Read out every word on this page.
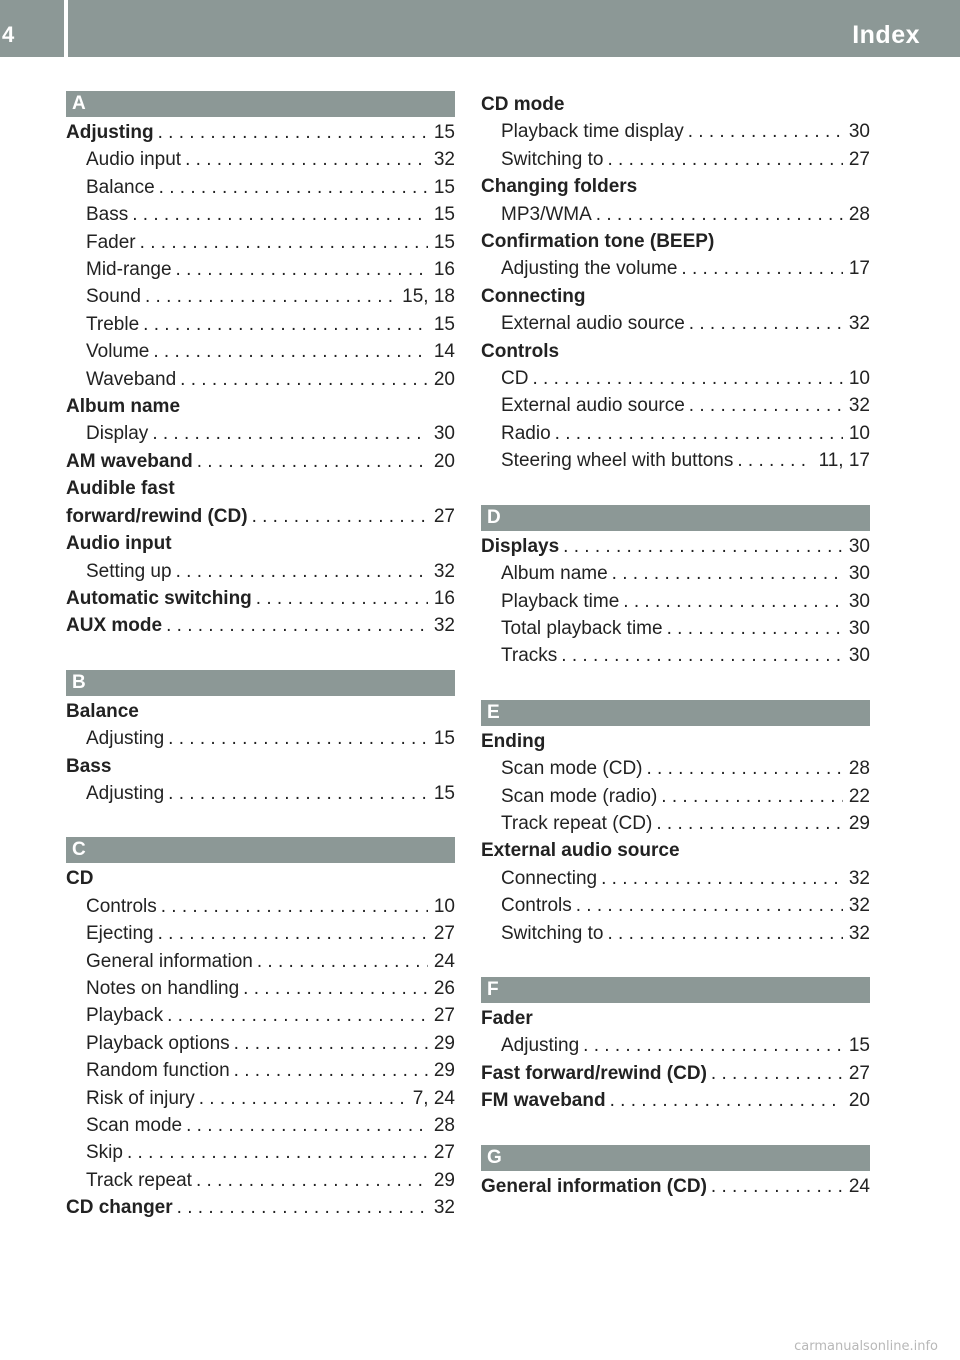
4	Index
A
Adjusting . . .	15
Audio input . . .	32
Balance . . .	15
Bass . . .	15
Fader . . .	15
Mid-range . . .	16
Sound . . .	15, 18
Treble . . .	15
Volume . . .	14
Waveband . . .	20
Album name
Display . . .	30
AM waveband . . .	20
Audible fast
forward/rewind (CD) . . .	27
Audio input
Setting up . . .	32
Automatic switching . . .	16
AUX mode . . .	32
B
Balance
Adjusting . . .	15
Bass
Adjusting . . .	15
C
CD
Controls . . .	10
Ejecting . . .	27
General information . . .	24
Notes on handling . . .	26
Playback . . .	27
Playback options . . .	29
Random function . . .	29
Risk of injury . . .	7, 24
Scan mode . . .	28
Skip . . .	27
Track repeat . . .	29
CD changer . . .	32
CD mode
Playback time display . . .	30
Switching to . . .	27
Changing folders
MP3/WMA . . .	28
Confirmation tone (BEEP)
Adjusting the volume . . .	17
Connecting
External audio source . . .	32
Controls
CD . . .	10
External audio source . . .	32
Radio . . .	10
Steering wheel with buttons . . .	11, 17
D
Displays . . .	30
Album name . . .	30
Playback time . . .	30
Total playback time . . .	30
Tracks . . .	30
E
Ending
Scan mode (CD) . . .	28
Scan mode (radio) . . .	22
Track repeat (CD) . . .	29
External audio source
Connecting . . .	32
Controls . . .	32
Switching to . . .	32
F
Fader
Adjusting . . .	15
Fast forward/rewind (CD) . . .	27
FM waveband . . .	20
G
General information (CD) . . .	24
carmanualsonline.info
